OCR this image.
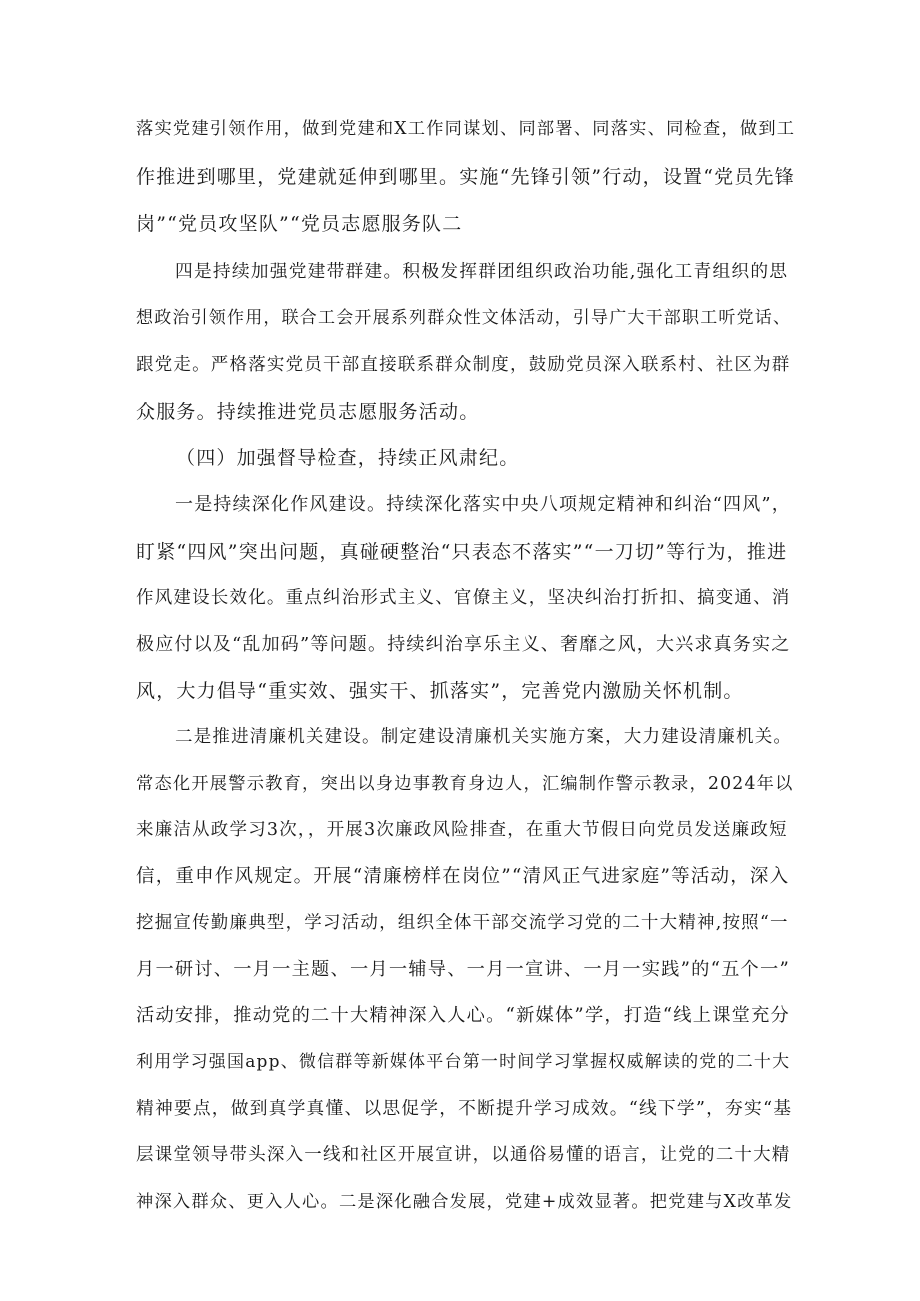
落实党建引领作用，做到党建和X工作同谋划、同部署、同落实、同检查，做到工
作推进到哪里，党建就延伸到哪里。实施“先锋引领”行动，设置“党员先锋
岗”“党员攻坚队”“党员志愿服务队二
四是持续加强党建带群建。积极发挥群团组织政治功能,强化工青组织的思
想政治引领作用，联合工会开展系列群众性文体活动，引导广大干部职工听党话、
跟党走。严格落实党员干部直接联系群众制度，鼓励党员深入联系村、社区为群
众服务。持续推进党员志愿服务活动。
（四）加强督导检查，持续正风肃纪。
一是持续深化作风建设。持续深化落实中央八项规定精神和纠治“四风”，
盯紧“四风”突出问题，真碰硬整治“只表态不落实”“一刀切”等行为，推进
作风建设长效化。重点纠治形式主义、官僚主义，坚决纠治打折扣、搞变通、消
极应付以及“乱加码”等问题。持续纠治享乐主义、奢靡之风，大兴求真务实之
风，大力倡导“重实效、强实干、抓落实”，完善党内激励关怀机制。
二是推进清廉机关建设。制定建设清廉机关实施方案，大力建设清廉机关。
常态化开展警示教育，突出以身边事教育身边人，汇编制作警示教录，2024年以
来廉洁从政学习3次，，开展3次廉政风险排查，在重大节假日向党员发送廉政短
信，重申作风规定。开展“清廉榜样在岗位”“清风正气进家庭”等活动，深入
挖掘宣传勤廉典型，学习活动，组织全体干部交流学习党的二十大精神,按照“一
月一研讨、一月一主题、一月一辅导、一月一宣讲、一月一实践”的“五个一”
活动安排，推动党的二十大精神深入人心。“新媒体”学，打造“线上课堂充分
利用学习强国app、微信群等新媒体平台第一时间学习掌握权威解读的党的二十大
精神要点，做到真学真懂、以思促学，不断提升学习成效。“线下学”，夯实“基
层课堂领导带头深入一线和社区开展宣讲，以通俗易懂的语言，让党的二十大精
神深入群众、更入人心。二是深化融合发展，党建+成效显著。把党建与X改革发
